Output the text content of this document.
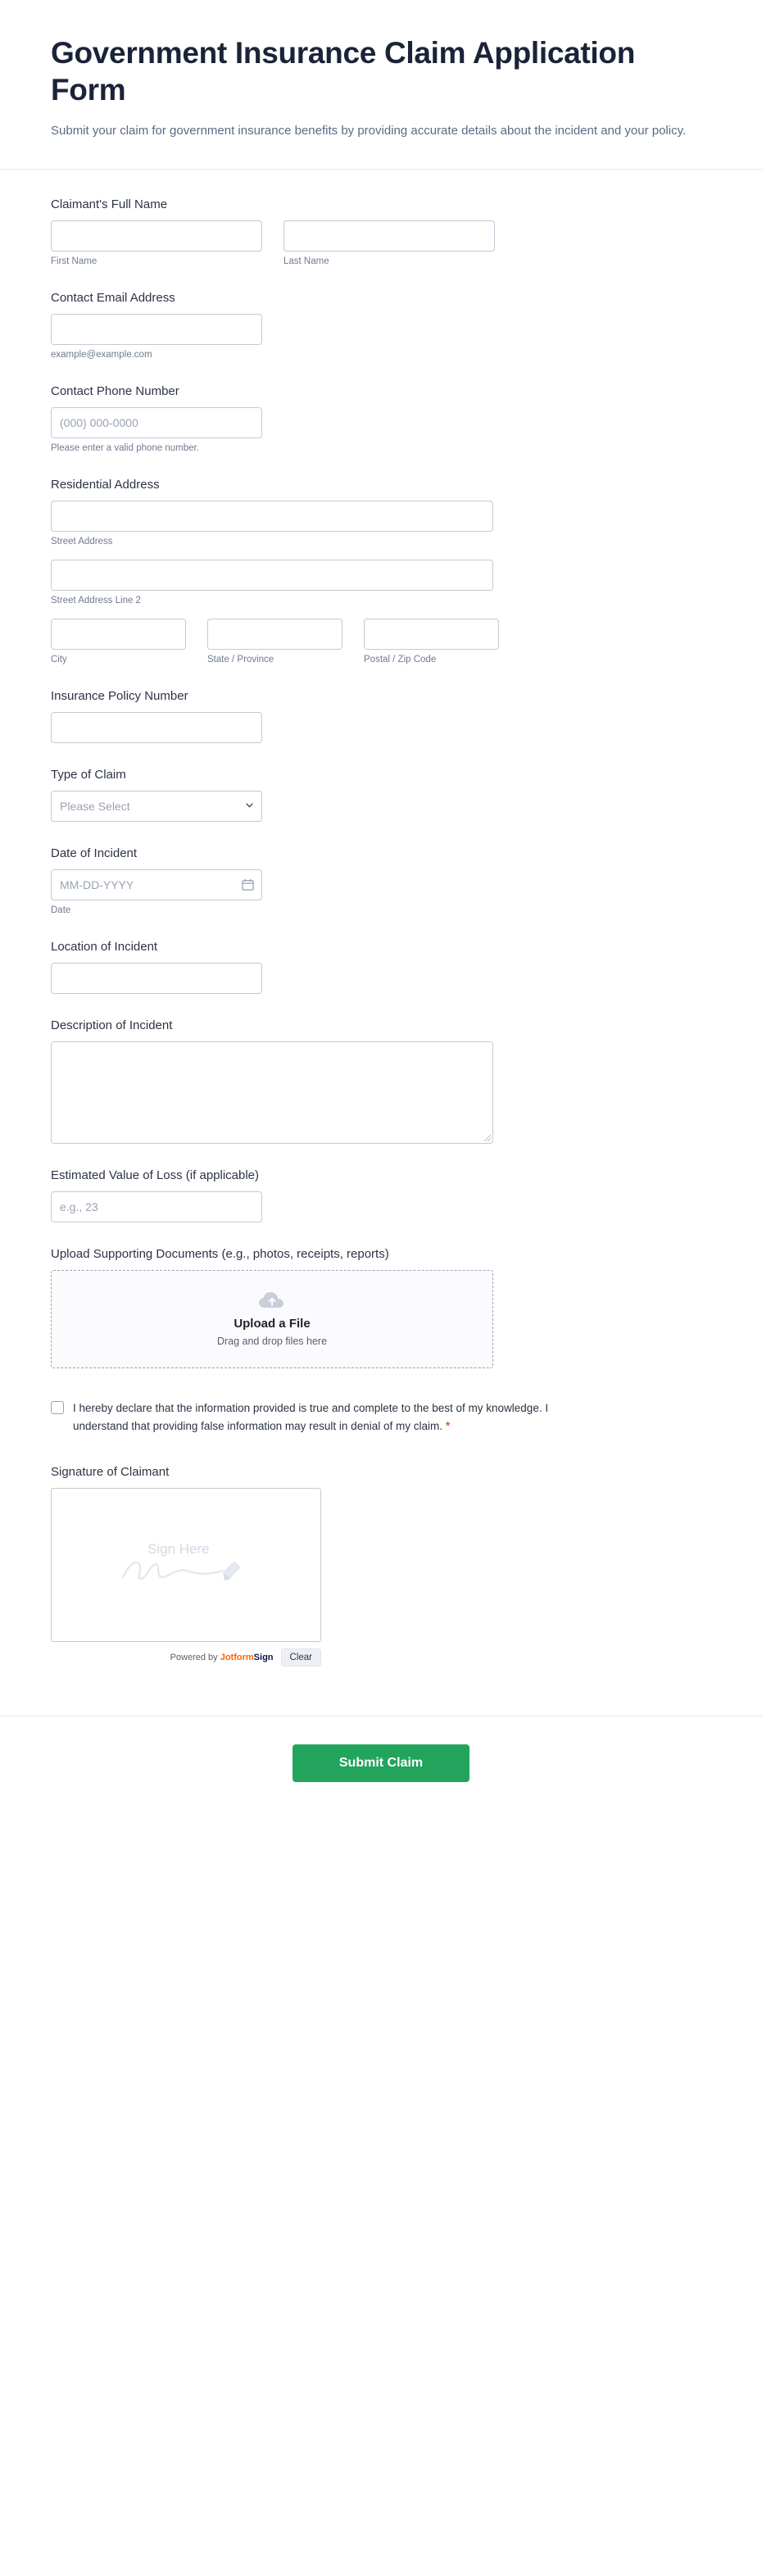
Government Insurance Claim Application Form

Submit your claim for government insurance benefits by providing accurate details about the incident and your policy.

Claimant's Full Name
First Name	Last Name
Contact Email Address
example@example.com
Contact Phone Number
(000) 000-0000
Please enter a valid phone number.
Residential Address
Street Address
Street Address Line 2
City	State / Province	Postal / Zip Code
Insurance Policy Number
Type of Claim
Please Select
Date of Incident
MM-DD-YYYY
Date
Location of Incident
Description of Incident
Estimated Value of Loss (if applicable)
e.g., 23
Upload Supporting Documents (e.g., photos, receipts, reports)
Upload a File
Drag and drop files here
I hereby declare that the information provided is true and complete to the best of my knowledge. I understand that providing false information may result in denial of my claim. *
Signature of Claimant
Sign Here
Powered by JotformSign	Clear
Submit Claim
